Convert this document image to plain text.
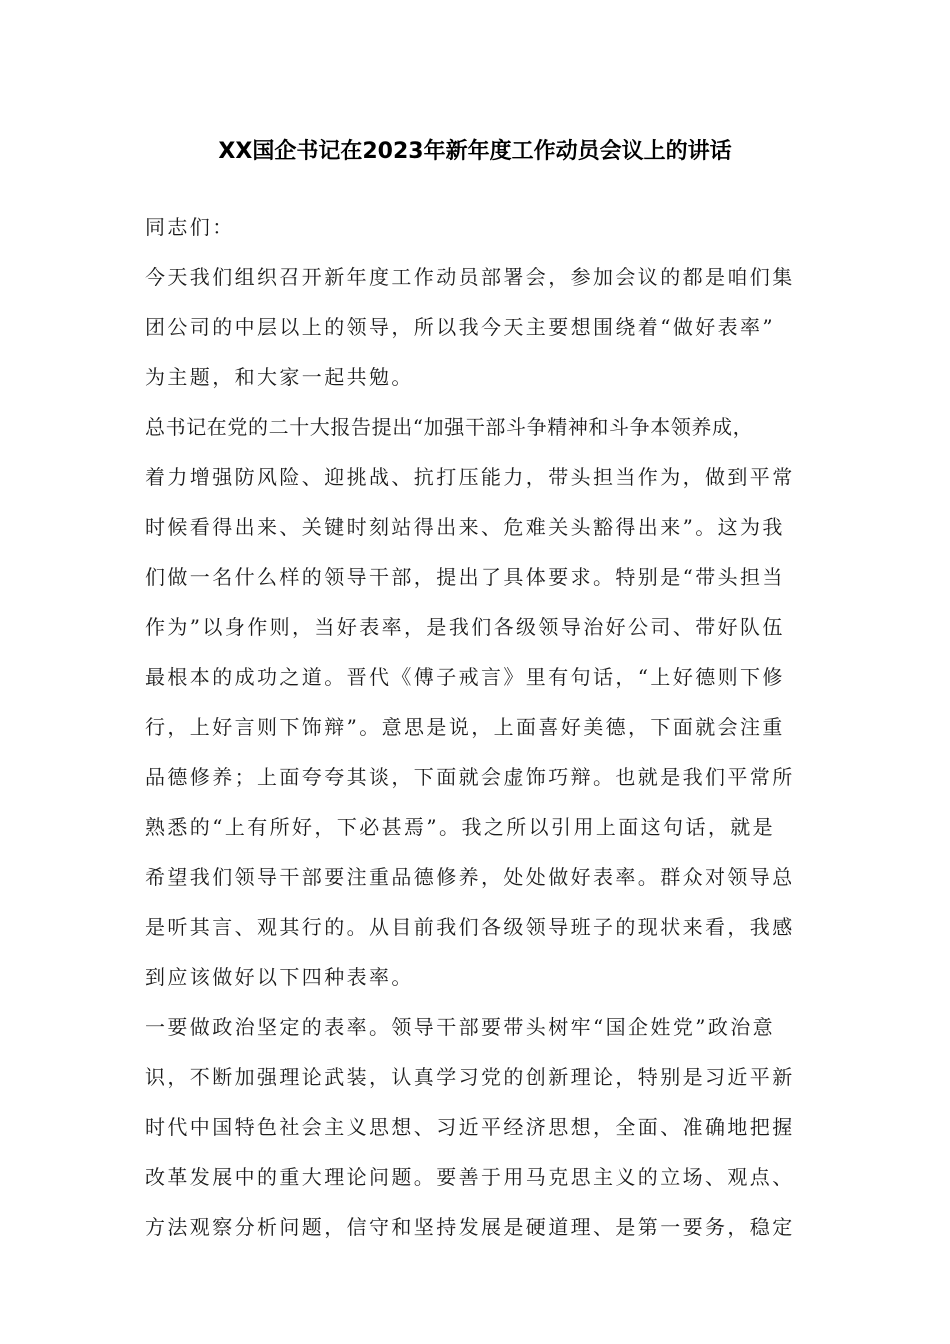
XX国企书记在2023年新年度工作动员会议上的讲话
同志们：
今天我们组织召开新年度工作动员部署会，参加会议的都是咱们集
团公司的中层以上的领导，所以我今天主要想围绕着“做好表率”
为主题，和大家一起共勉。
总书记在党的二十大报告提出“加强干部斗争精神和斗争本领养成，
着力增强防风险、迎挑战、抗打压能力，带头担当作为，做到平常
时候看得出来、关键时刻站得出来、危难关头豁得出来”。这为我
们做一名什么样的领导干部，提出了具体要求。特别是“带头担当
作为”以身作则，当好表率，是我们各级领导治好公司、带好队伍
最根本的成功之道。晋代《傅子戒言》里有句话，“上好德则下修
行，上好言则下饰辩”。意思是说，上面喜好美德，下面就会注重
品德修养；上面夸夸其谈，下面就会虚饰巧辩。也就是我们平常所
熟悉的“上有所好，下必甚焉”。我之所以引用上面这句话，就是
希望我们领导干部要注重品德修养，处处做好表率。群众对领导总
是听其言、观其行的。从目前我们各级领导班子的现状来看，我感
到应该做好以下四种表率。
一要做政治坚定的表率。领导干部要带头树牢“国企姓党”政治意
识，不断加强理论武装，认真学习党的创新理论，特别是习近平新
时代中国特色社会主义思想、习近平经济思想，全面、准确地把握
改革发展中的重大理论问题。要善于用马克思主义的立场、观点、
方法观察分析问题，信守和坚持发展是硬道理、是第一要务，稳定
